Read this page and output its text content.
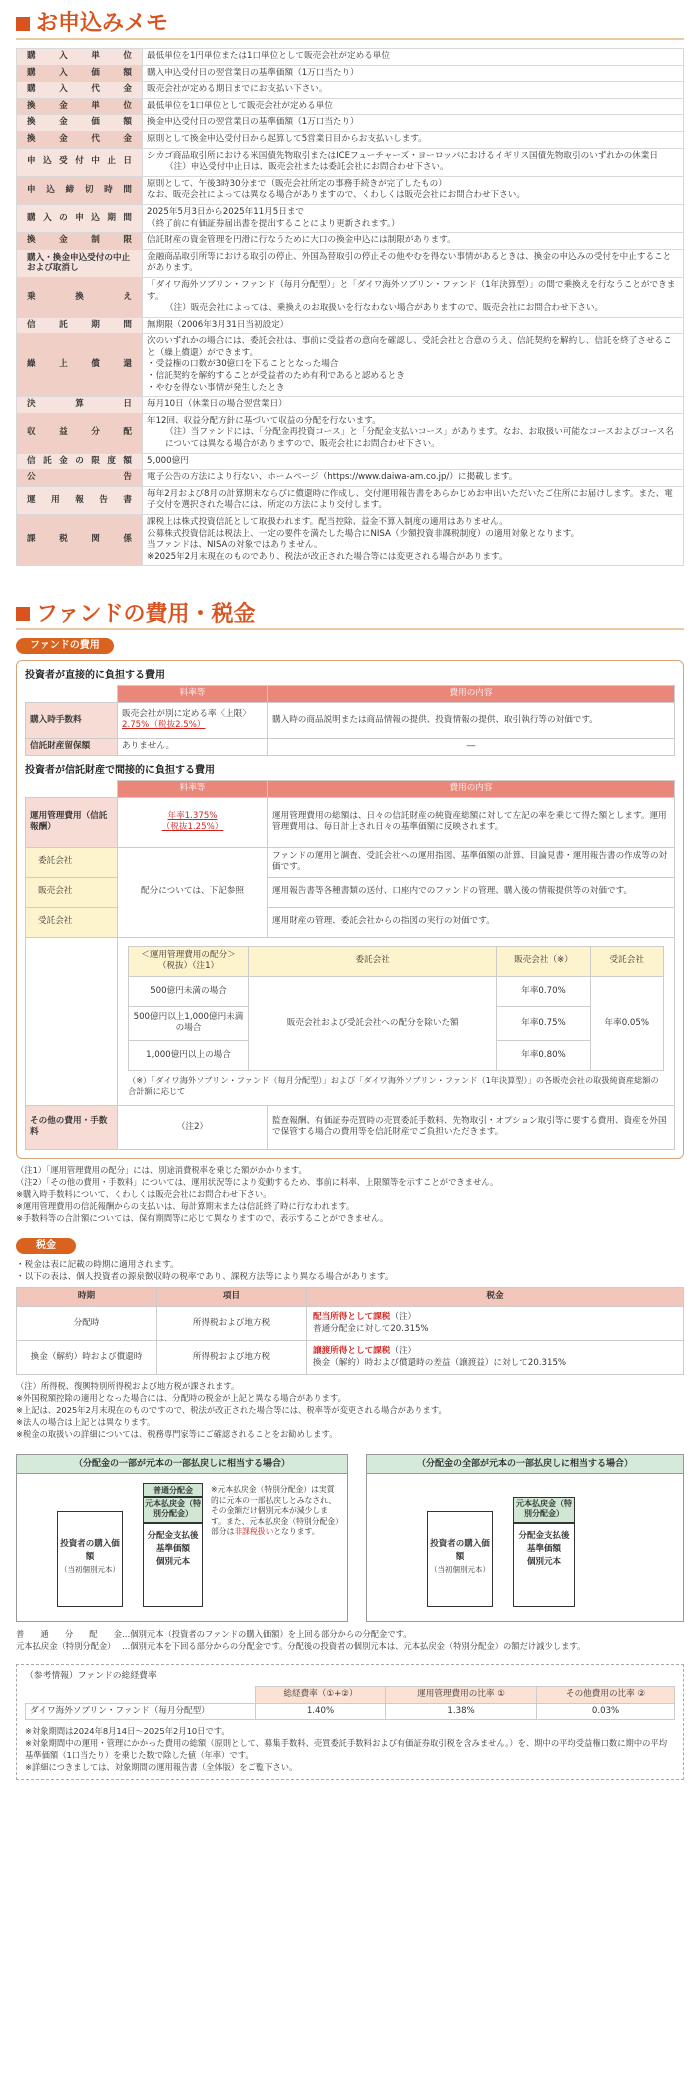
お申込みメモ
購入単位	最低単位を1円単位または1口単位として販売会社が定める単位

購入価額	購入申込受付日の翌営業日の基準価額（1万口当たり）

購入代金	販売会社が定める期日までにお支払い下さい。

換金単位	最低単位を1口単位として販売会社が定める単位

換金価額	換金申込受付日の翌営業日の基準価額（1万口当たり）

換金代金	原則として換金申込受付日から起算して5営業日目からお支払いします。

申込受付中止日	シカゴ商品取引所における米国債先物取引またはICEフューチャーズ・ヨーロッパにおけるイギリス国債先物取引のいずれかの休業日
（注）申込受付中止日は、販売会社または委託会社にお問合わせ下さい。

申込締切時間	原則として、午後3時30分まで（販売会社所定の事務手続きが完了したもの）
なお、販売会社によっては異なる場合がありますので、くわしくは販売会社にお問合わせ下さい。

購入の申込期間	2025年5月3日から2025年11月5日まで
（終了前に有価証券届出書を提出することにより更新されます。）

換金制限	信託財産の資金管理を円滑に行なうために大口の換金申込には制限があります。

購入・換金申込受付の中止および取消し	金融商品取引所等における取引の停止、外国為替取引の停止その他やむを得ない事情があるときは、換金の申込みの受付を中止することがあります。

乗換え	「ダイワ海外ソブリン・ファンド（毎月分配型）」と「ダイワ海外ソブリン・ファンド（1年決算型）」の間で乗換えを行なうことができます。
（注）販売会社によっては、乗換えのお取扱いを行なわない場合がありますので、販売会社にお問合わせ下さい。

信託期間	無期限（2006年3月31日当初設定）

繰上償還	次のいずれかの場合には、委託会社は、事前に受益者の意向を確認し、受託会社と合意のうえ、信託契約を解約し、信託を終了させること（繰上償還）ができます。
・受益権の口数が30億口を下ることとなった場合
・信託契約を解約することが受益者のため有利であると認めるとき
・やむを得ない事情が発生したとき

決算日	毎月10日（休業日の場合翌営業日）

収益分配	年12回、収益分配方針に基づいて収益の分配を行ないます。
（注）当ファンドには、「分配金再投資コース」と「分配金支払いコース」があります。なお、お取扱い可能なコースおよびコース名については異なる場合がありますので、販売会社にお問合わせ下さい。

信託金の限度額	5,000億円

公告	電子公告の方法により行ない、ホームページ（https://www.daiwa-am.co.jp/）に掲載します。

運用報告書	毎年2月および8月の計算期末ならびに償還時に作成し、交付運用報告書をあらかじめお申出いただいたご住所にお届けします。また、電子交付を選択された場合には、所定の方法により交付します。

課税関係	課税上は株式投資信託として取扱われます。配当控除、益金不算入制度の適用はありません。
公募株式投資信託は税法上、一定の要件を満たした場合にNISA（少額投資非課税制度）の適用対象となります。
当ファンドは、NISAの対象ではありません。
※2025年2月末現在のものであり、税法が改正された場合等には変更される場合があります。
ファンドの費用・税金
ファンドの費用
投資者が直接的に負担する費用
	料率等	費用の内容
購入時手数料	販売会社が別に定める率〈上限〉
2.75%（税抜2.5%）	購入時の商品説明または商品情報の提供、投資情報の提供、取引執行等の対価です。
信託財産留保額	ありません。	―
投資者が信託財産で間接的に負担する費用
	料率等	費用の内容
運用管理費用（信託報酬）	年率1.375%
（税抜1.25%）	運用管理費用の総額は、日々の信託財産の純資産総額に対して左記の率を乗じて得た額とします。運用管理費用は、毎日計上され日々の基準価額に反映されます。
委託会社	配分については、下記参照	ファンドの運用と調査、受託会社への運用指図、基準価額の計算、目論見書・運用報告書の作成等の対価です。
販売会社	運用報告書等各種書類の送付、口座内でのファンドの管理、購入後の情報提供等の対価です。
受託会社	運用財産の管理、委託会社からの指図の実行の対価です。

＜運用管理費用の配分＞（税抜）（注1）	委託会社	販売会社（※）	受託会社
500億円未満の場合	販売会社および受託会社への配分を除いた額	年率0.70%	年率0.05%
500億円以上1,000億円未満の場合	年率0.75%
1,000億円以上の場合	年率0.80%
（※）「ダイワ海外ソブリン・ファンド（毎月分配型）」および「ダイワ海外ソブリン・ファンド（1年決算型）」の各販売会社の取扱純資産総額の合計額に応じて

その他の費用・手数料	（注2）	監査報酬、有価証券売買時の売買委託手数料、先物取引・オプション取引等に要する費用、資産を外国で保管する場合の費用等を信託財産でご負担いただきます。
（注1）「運用管理費用の配分」には、別途消費税率を乗じた額がかかります。
（注2）「その他の費用・手数料」については、運用状況等により変動するため、事前に料率、上限額等を示すことができません。
※購入時手数料について、くわしくは販売会社にお問合わせ下さい。
※運用管理費用の信託報酬からの支払いは、毎計算期末または信託終了時に行なわれます。
※手数料等の合計額については、保有期間等に応じて異なりますので、表示することができません。
税金
・税金は表に記載の時期に適用されます。
・以下の表は、個人投資者の源泉徴収時の税率であり、課税方法等により異なる場合があります。
時期	項目	税金
分配時	所得税および地方税	配当所得として課税（注）
普通分配金に対して20.315%
換金（解約）時および償還時	所得税および地方税	譲渡所得として課税（注）
換金（解約）時および償還時の差益（譲渡益）に対して20.315%
（注）所得税、復興特別所得税および地方税が課されます。
※外国税額控除の適用となった場合には、分配時の税金が上記と異なる場合があります。
※上記は、2025年2月末現在のものですので、税法が改正された場合等には、税率等が変更される場合があります。
※法人の場合は上記とは異なります。
※税金の取扱いの詳細については、税務専門家等にご確認されることをお勧めします。
（分配金の一部が元本の一部払戻しに相当する場合）
投資者の購入価額
（当初個別元本）
普通分配金
元本払戻金（特別分配金）
分配金支払後
基準価額
個別元本
※元本払戻金（特別分配金）は実質的に元本の一部払戻しとみなされ、その金額だけ個別元本が減少します。また、元本払戻金（特別分配金）部分は非課税扱いとなります。
（分配金の全部が元本の一部払戻しに相当する場合）
投資者の購入価額
（当初個別元本）
元本払戻金（特別分配金）
分配金支払後
基準価額
個別元本
普通分配金…個別元本（投資者のファンドの購入価額）を上回る部分からの分配金です。
元本払戻金（特別分配金） …個別元本を下回る部分からの分配金です。分配後の投資者の個別元本は、元本払戻金（特別分配金）の額だけ減少します。
（参考情報）ファンドの総経費率
	総経費率（①+②）	運用管理費用の比率 ①	その他費用の比率 ②
ダイワ海外ソブリン・ファンド（毎月分配型）	1.40%	1.38%	0.03%
※対象期間は2024年8月14日〜2025年2月10日です。
※対象期間中の運用・管理にかかった費用の総額（原則として、募集手数料、売買委託手数料および有価証券取引税を含みません。）を、期中の平均受益権口数に期中の平均基準価額（1口当たり）を乗じた数で除した値（年率）です。
※詳細につきましては、対象期間の運用報告書（全体版）をご覧下さい。
